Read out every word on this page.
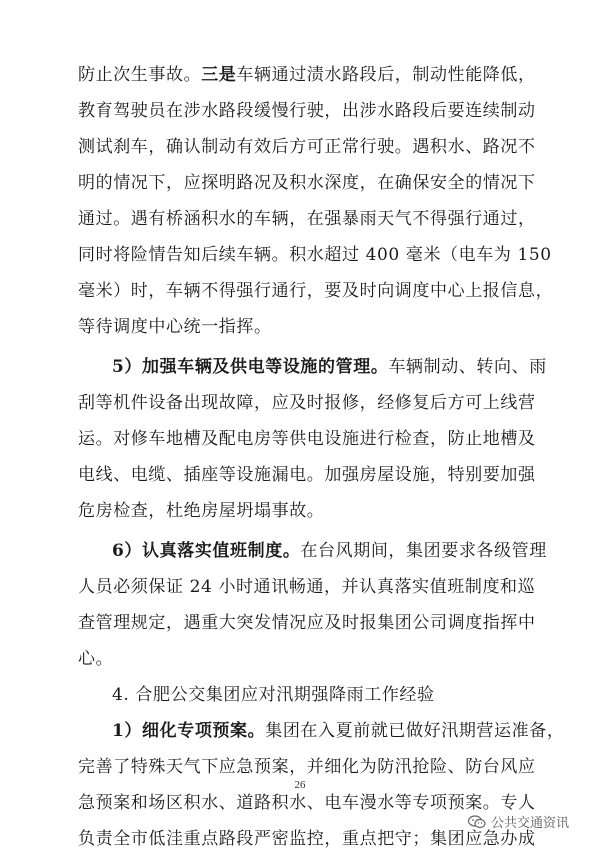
防止次生事故。三是车辆通过渍水路段后，制动性能降低，
教育驾驶员在涉水路段缓慢行驶，出涉水路段后要连续制动
测试刹车，确认制动有效后方可正常行驶。遇积水、路况不
明的情况下，应探明路况及积水深度，在确保安全的情况下
通过。遇有桥涵积水的车辆，在强暴雨天气不得强行通过，
同时将险情告知后续车辆。积水超过 400 毫米（电车为 150
毫米）时，车辆不得强行通行，要及时向调度中心上报信息，
等待调度中心统一指挥。
5）加强车辆及供电等设施的管理。车辆制动、转向、雨
刮等机件设备出现故障，应及时报修，经修复后方可上线营
运。对修车地槽及配电房等供电设施进行检查，防止地槽及
电线、电缆、插座等设施漏电。加强房屋设施，特别要加强
危房检查，杜绝房屋坍塌事故。
6）认真落实值班制度。在台风期间，集团要求各级管理
人员必须保证 24 小时通讯畅通，并认真落实值班制度和巡
查管理规定，遇重大突发情况应及时报集团公司调度指挥中
心。
4. 合肥公交集团应对汛期强降雨工作经验
1）细化专项预案。集团在入夏前就已做好汛期营运准备，
完善了特殊天气下应急预案，并细化为防汛抢险、防台风应
急预案和场区积水、道路积水、电车漫水等专项预案。专人
负责全市低洼重点路段严密监控，重点把守；集团应急办成
26
公共交通资讯
